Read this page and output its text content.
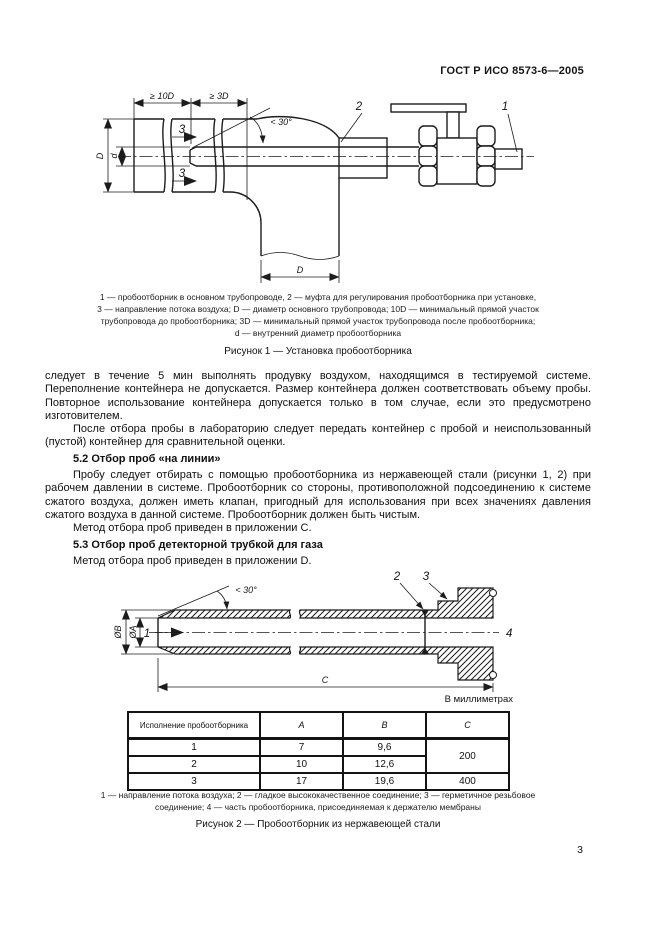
ГОСТ Р ИСО 8573-6—2005
≥ 10D	≥ 3D
D d
3
3
< 30°
2	1
D
1 — пробоотборник в основном трубопроводе, 2 — муфта для регулирования пробоотборника при установке,
3 — направление потока воздуха; D — диаметр основного трубопровода; 10D — минимальный прямой участок
трубопровода до пробоотборника; 3D — минимальный прямой участок трубопровода после пробоотборника;
d — внутренний диаметр пробоотборника
Рисунок 1 — Установка пробоотборника

следует в течение 5 мин выполнять продувку воздухом, находящимся в тестируемой системе. Переполнение контейнера не допускается. Размер контейнера должен соответствовать объему пробы. Повторное использование контейнера допускается только в том случае, если это предусмотрено изготовителем.

После отбора пробы в лабораторию следует передать контейнер с пробой и неиспользованный (пустой) контейнер для сравнительной оценки.

5.2 Отбор проб «на линии»

Пробу следует отбирать с помощью пробоотборника из нержавеющей стали (рисунки 1, 2) при рабочем давлении в системе. Пробоотборник со стороны, противоположной подсоединению к системе сжатого воздуха, должен иметь клапан, пригодный для использования при всех значениях давления сжатого воздуха в данной системе. Пробоотборник должен быть чистым.

Метод отбора проб приведен в приложении C.

5.3 Отбор проб детекторной трубкой для газа

Метод отбора проб приведен в приложении D.

4
1
ØB ØA
< 30°
2 3
C
В миллиметрах
Исполнение пробоотборника	A	B	C
1	7	9,6	200
2	10	12,6	
3	17	19,6	400
1 — направление потока воздуха; 2 — гладкое высококачественное соединение; 3 — герметичное резьбовое
соединение; 4 — часть пробоотборника, присоединяемая к держателю мембраны
Рисунок 2 — Пробоотборник из нержавеющей стали
3
